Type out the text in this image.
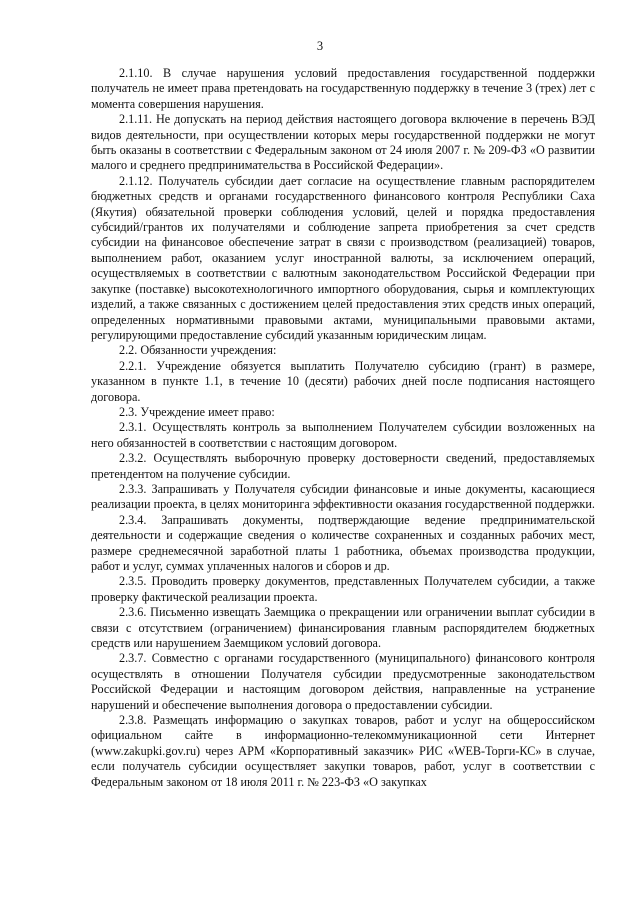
3

2.1.10. В случае нарушения условий предоставления государственной поддержки получатель не имеет права претендовать на государственную поддержку в течение 3 (трех) лет с момента совершения нарушения.

2.1.11. Не допускать на период действия настоящего договора включение в перечень ВЭД видов деятельности, при осуществлении которых меры государственной поддержки не могут быть оказаны в соответствии с Федеральным законом от 24 июля 2007 г. № 209-ФЗ «О развитии малого и среднего предпринимательства в Российской Федерации».

2.1.12. Получатель субсидии дает согласие на осуществление главным распорядителем бюджетных средств и органами государственного финансового контроля Республики Саха (Якутия) обязательной проверки соблюдения условий, целей и порядка предоставления субсидий/грантов их получателями и соблюдение запрета приобретения за счет средств субсидии на финансовое обеспечение затрат в связи с производством (реализацией) товаров, выполнением работ, оказанием услуг иностранной валюты, за исключением операций, осуществляемых в соответствии с валютным законодательством Российской Федерации при закупке (поставке) высокотехнологичного импортного оборудования, сырья и комплектующих изделий, а также связанных с достижением целей предоставления этих средств иных операций, определенных нормативными правовыми актами, муниципальными правовыми актами, регулирующими предоставление субсидий указанным юридическим лицам.

2.2. Обязанности учреждения:

2.2.1. Учреждение обязуется выплатить Получателю субсидию (грант) в размере, указанном в пункте 1.1, в течение 10 (десяти) рабочих дней после подписания настоящего договора.

2.3. Учреждение имеет право:

2.3.1. Осуществлять контроль за выполнением Получателем субсидии возложенных на него обязанностей в соответствии с настоящим договором.

2.3.2. Осуществлять выборочную проверку достоверности сведений, предоставляемых претендентом на получение субсидии.

2.3.3. Запрашивать у Получателя субсидии финансовые и иные документы, касающиеся реализации проекта, в целях мониторинга эффективности оказания государственной поддержки.

2.3.4. Запрашивать документы, подтверждающие ведение предпринимательской деятельности и содержащие сведения о количестве сохраненных и созданных рабочих мест, размере среднемесячной заработной платы 1 работника, объемах производства продукции, работ и услуг, суммах уплаченных налогов и сборов и др.

2.3.5. Проводить проверку документов, представленных Получателем субсидии, а также проверку фактической реализации проекта.

2.3.6. Письменно извещать Заемщика о прекращении или ограничении выплат субсидии в связи с отсутствием (ограничением) финансирования главным распорядителем бюджетных средств или нарушением Заемщиком условий договора.

2.3.7. Совместно с органами государственного (муниципального) финансового контроля осуществлять в отношении Получателя субсидии предусмотренные законодательством Российской Федерации и настоящим договором действия, направленные на устранение нарушений и обеспечение выполнения договора о предоставлении субсидии.

2.3.8. Размещать информацию о закупках товаров, работ и услуг на общероссийском официальном сайте в информационно-телекоммуникационной сети Интернет (www.zakupki.gov.ru) через АРМ «Корпоративный заказчик» РИС «WEB-Торги-КС» в случае, если получатель субсидии осуществляет закупки товаров, работ, услуг в соответствии с Федеральным законом от 18 июля 2011 г. № 223-ФЗ «О закупках
